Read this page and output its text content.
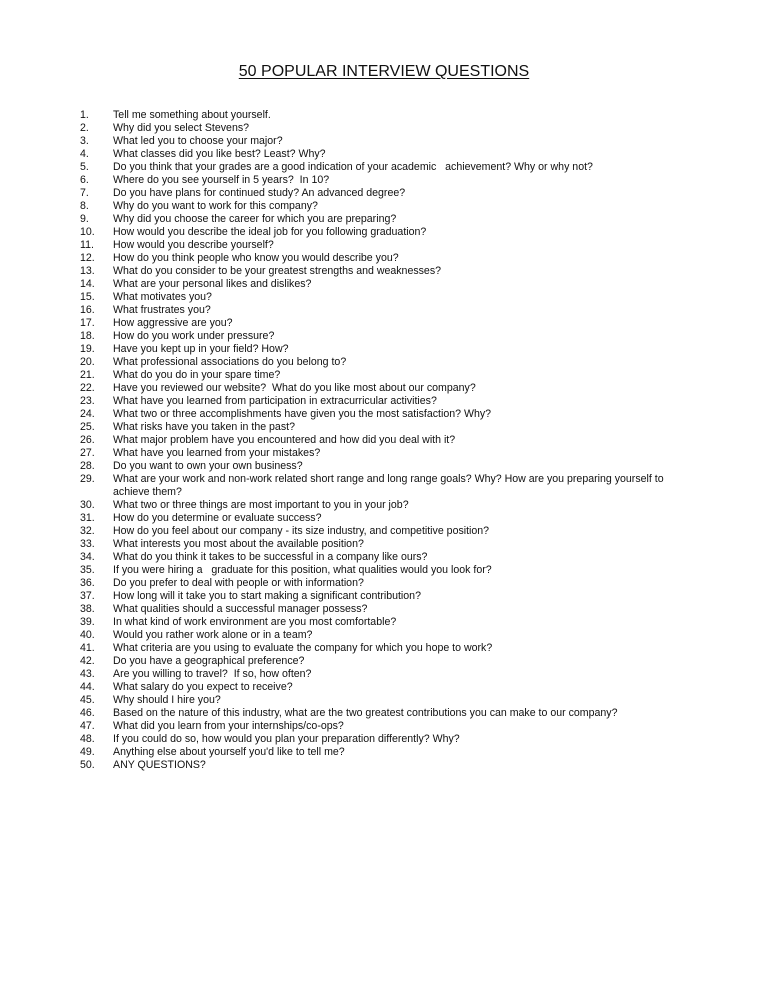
50 POPULAR INTERVIEW QUESTIONS
1.	Tell me something about yourself.
2.	Why did you select Stevens?
3.	What led you to choose your major?
4.	What classes did you like best? Least? Why?
5.	Do you think that your grades are a good indication of your academic   achievement? Why or why not?
6.	Where do you see yourself in 5 years?  In 10?
7.	Do you have plans for continued study? An advanced degree?
8.	Why do you want to work for this company?
9.	Why did you choose the career for which you are preparing?
10.	How would you describe the ideal job for you following graduation?
11.	How would you describe yourself?
12.	How do you think people who know you would describe you?
13.	What do you consider to be your greatest strengths and weaknesses?
14.	What are your personal likes and dislikes?
15.	What motivates you?
16.	What frustrates you?
17.	How aggressive are you?
18.	How do you work under pressure?
19.	Have you kept up in your field? How?
20.	What professional associations do you belong to?
21.	What do you do in your spare time?
22.	Have you reviewed our website?  What do you like most about our company?
23.	What have you learned from participation in extracurricular activities?
24.	What two or three accomplishments have given you the most satisfaction? Why?
25.	What risks have you taken in the past?
26.	What major problem have you encountered and how did you deal with it?
27.	What have you learned from your mistakes?
28.	Do you want to own your own business?
29.	What are your work and non-work related short range and long range goals? Why? How are you preparing yourself to achieve them?
30.	What two or three things are most important to you in your job?
31.	How do you determine or evaluate success?
32.	How do you feel about our company - its size industry, and competitive position?
33.	What interests you most about the available position?
34.	What do you think it takes to be successful in a company like ours?
35.	If you were hiring a   graduate for this position, what qualities would you look for?
36.	Do you prefer to deal with people or with information?
37.	How long will it take you to start making a significant contribution?
38.	What qualities should a successful manager possess?
39.	In what kind of work environment are you most comfortable?
40.	Would you rather work alone or in a team?
41.	What criteria are you using to evaluate the company for which you hope to work?
42.	Do you have a geographical preference?
43.	Are you willing to travel?  If so, how often?
44.	What salary do you expect to receive?
45.	Why should I hire you?
46.	Based on the nature of this industry, what are the two greatest contributions you can make to our company?
47.	What did you learn from your internships/co-ops?
48.	If you could do so, how would you plan your preparation differently? Why?
49.	Anything else about yourself you'd like to tell me?
50.	ANY QUESTIONS?
